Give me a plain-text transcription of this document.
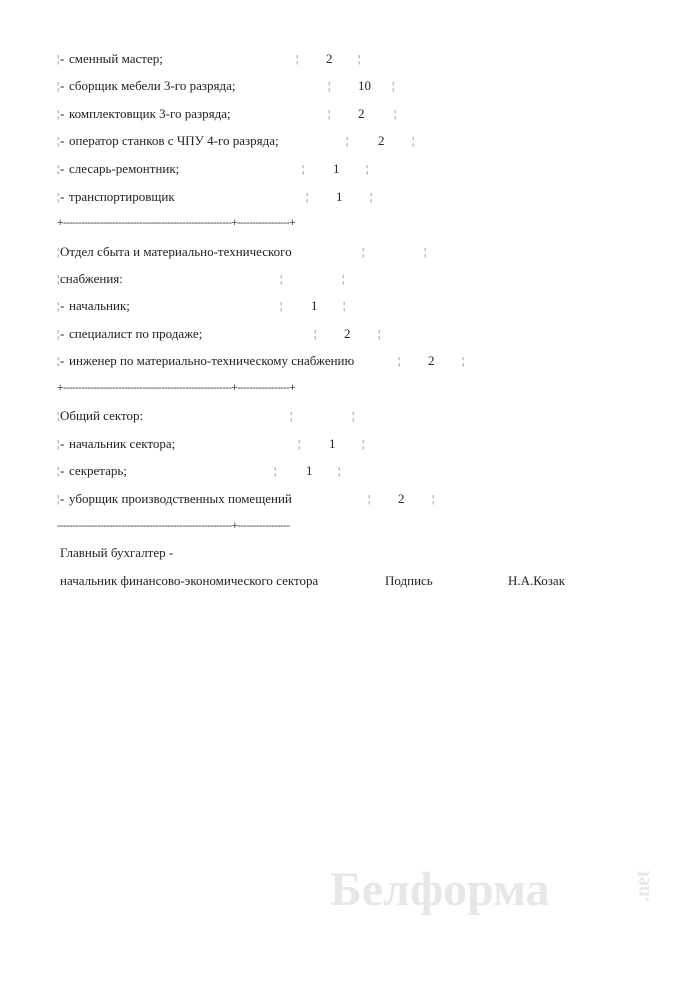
¦ - сменный мастер;	¦ 2 ¦
¦ - сборщик мебели 3-го разряда;	¦ 10 ¦
¦ - комплектовщик 3-го разряда;	¦ 2	¦
¦ - оператор станков с ЧПУ 4-го разряда;	¦ 2	¦
¦ - слесарь-ремонтник;	¦ 1 ¦
¦ - транспортировщик	¦ 1	¦
+-------------------------------------------------------+-----------------+
¦ Отдел сбыта и материально-технического	¦	¦
¦ снабжения:	¦	¦
¦ - начальник;	¦ 1 ¦
¦ - специалист по продаже;	¦ 2	¦
¦ - инженер по материально-техническому снабжению	¦ 2	¦
+-------------------------------------------------------+-----------------+
¦ Общий сектор:	¦	¦
¦ - начальник сектора;	¦ 1 ¦
¦ - секретарь;	¦ 1 ¦
¦ - уборщик производственных помещений	¦ 2	¦
---------------------------------------------------------+-----------------
Главный бухгалтер -
начальник финансово-экономического сектора	Подпись	Н.А.Козак
Белформа	.net
